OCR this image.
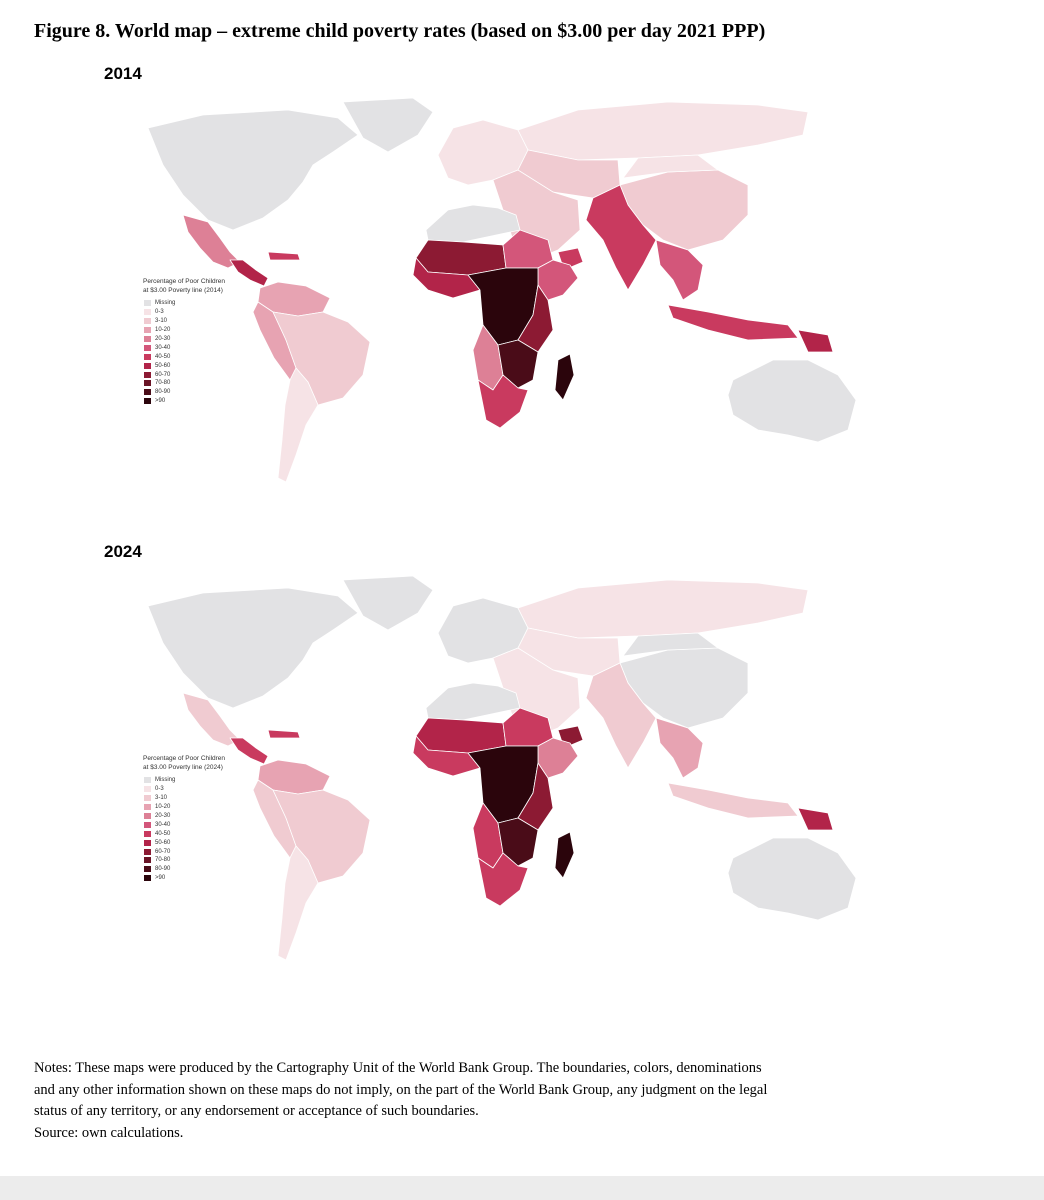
Figure 8. World map – extreme child poverty rates (based on $3.00 per day 2021 PPP)
2014
Percentage of Poor Children
at $3.00 Poverty line (2014)
Missing
0-3
3-10
10-20
20-30
30-40
40-50
50-60
60-70
70-80
80-90
>90
2024
Percentage of Poor Children
at $3.00 Poverty line (2024)
Missing
0-3
3-10
10-20
20-30
30-40
40-50
50-60
60-70
70-80
80-90
>90

Notes: These maps were produced by the Cartography Unit of the World Bank Group. The boundaries, colors, denominations

and any other information shown on these maps do not imply, on the part of the World Bank Group, any judgment on the legal

status of any territory, or any endorsement or acceptance of such boundaries.

Source: own calculations.
